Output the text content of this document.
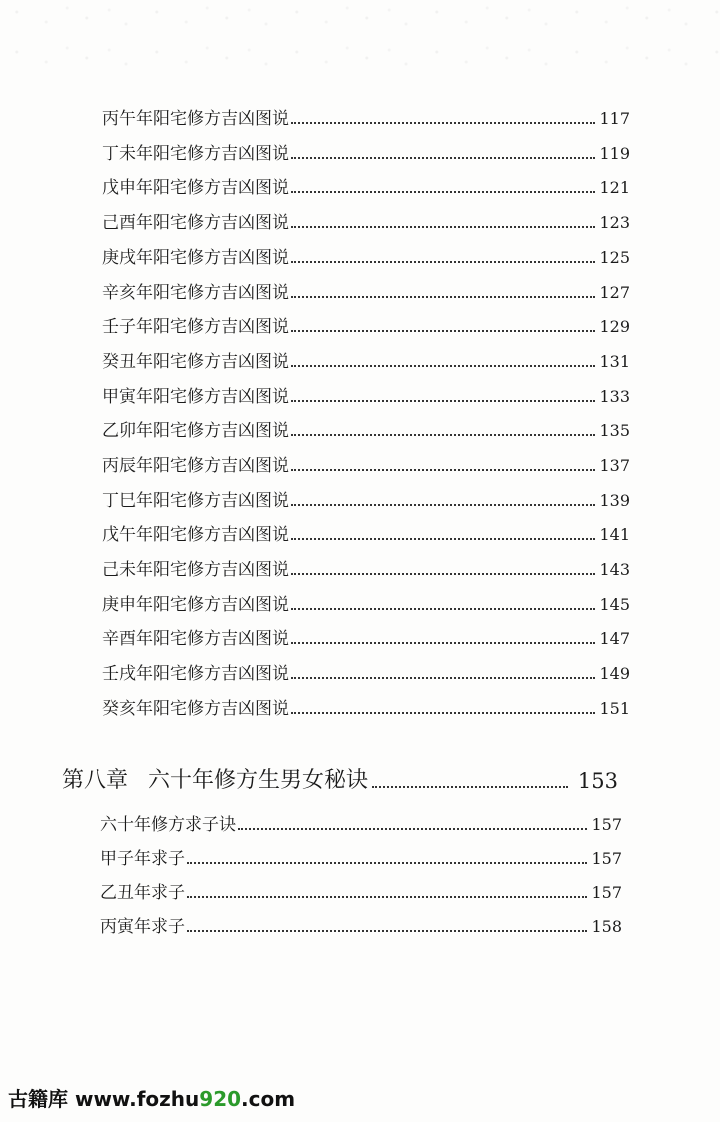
丙午年阳宅修方吉凶图说	117
丁未年阳宅修方吉凶图说	119
戊申年阳宅修方吉凶图说	121
己酉年阳宅修方吉凶图说	123
庚戌年阳宅修方吉凶图说	125
辛亥年阳宅修方吉凶图说	127
壬子年阳宅修方吉凶图说	129
癸丑年阳宅修方吉凶图说	131
甲寅年阳宅修方吉凶图说	133
乙卯年阳宅修方吉凶图说	135
丙辰年阳宅修方吉凶图说	137
丁巳年阳宅修方吉凶图说	139
戊午年阳宅修方吉凶图说	141
己未年阳宅修方吉凶图说	143
庚申年阳宅修方吉凶图说	145
辛酉年阳宅修方吉凶图说	147
壬戌年阳宅修方吉凶图说	149
癸亥年阳宅修方吉凶图说	151
第八章 六十年修方生男女秘诀	153
六十年修方求子诀	157
甲子年求子	157
乙丑年求子	157
丙寅年求子	158
古籍库 www.fozhu920.com
